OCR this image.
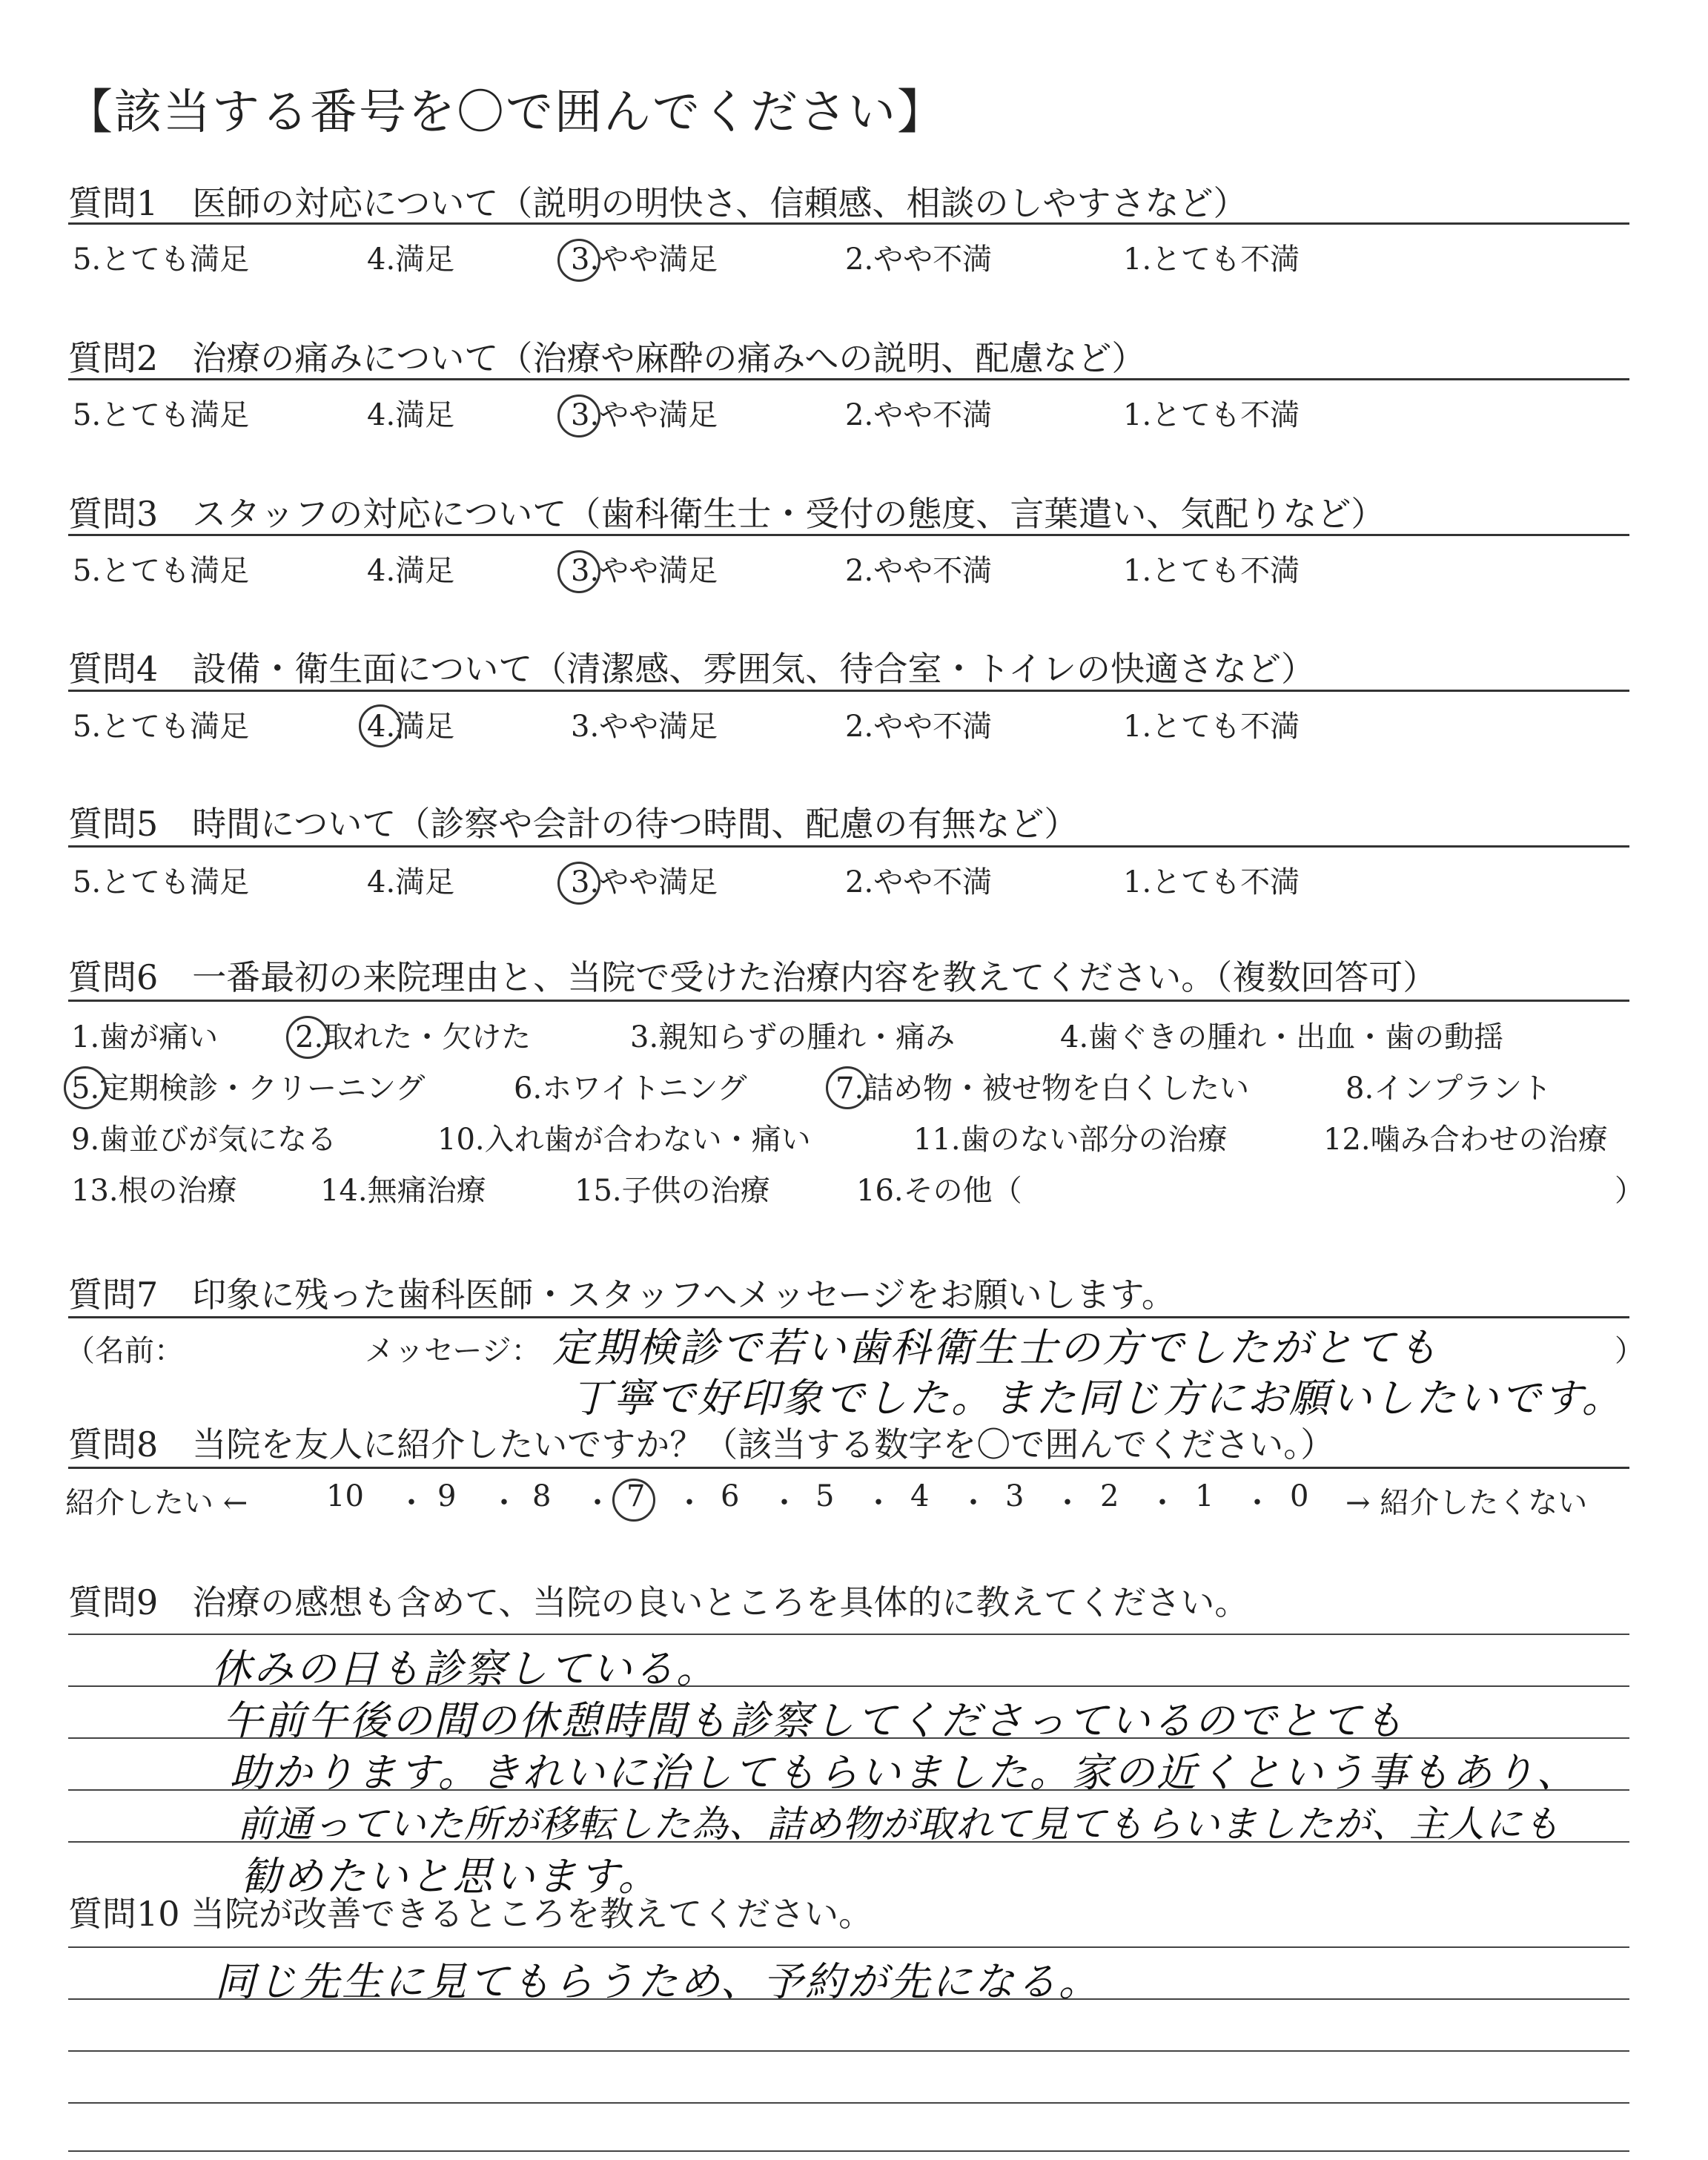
【該当する番号を〇で囲んでください】
質問1　医師の対応について（説明の明快さ、信頼感、相談のしやすさなど）
5.とても満足	4.満足	3.やや満足	2.やや不満	1.とても不満
質問2　治療の痛みについて（治療や麻酔の痛みへの説明、配慮など）
5.とても満足	4.満足	3.やや満足	2.やや不満	1.とても不満
質問3　スタッフの対応について（歯科衛生士・受付の態度、言葉遣い、気配りなど）
5.とても満足	4.満足	3.やや満足	2.やや不満	1.とても不満
質問4　設備・衛生面について（清潔感、雰囲気、待合室・トイレの快適さなど）
5.とても満足	4.満足	3.やや満足	2.やや不満	1.とても不満
質問5　時間について（診察や会計の待つ時間、配慮の有無など）
5.とても満足	4.満足	3.やや満足	2.やや不満	1.とても不満
質問6　一番最初の来院理由と、当院で受けた治療内容を教えてください。（複数回答可）
1.歯が痛い	2.取れた・欠けた	3.親知らずの腫れ・痛み	4.歯ぐきの腫れ・出血・歯の動揺
5.定期検診・クリーニング	6.ホワイトニング	7.詰め物・被せ物を白くしたい	8.インプラント
9.歯並びが気になる	10.入れ歯が合わない・痛い	11.歯のない部分の治療	12.噛み合わせの治療
13.根の治療	14.無痛治療	15.子供の治療	16.その他（	）
質問7　印象に残った歯科医師・スタッフへメッセージをお願いします。
（名前：	メッセージ：	）
定期検診で若い歯科衛生士の方でしたがとても
丁寧で好印象でした。また同じ方にお願いしたいです。
質問8　当院を友人に紹介したいですか？（該当する数字を〇で囲んでください。）
紹介したい ←	10 ・ 9 ・ 8 ・ 7 ・ 6 ・ 5 ・ 4 ・ 3 ・ 2 ・ 1 ・ 0 → 紹介したくない
質問9　治療の感想も含めて、当院の良いところを具体的に教えてください。
休みの日も診察している。
午前午後の間の休憩時間も診察してくださっているのでとても
助かります。きれいに治してもらいました。家の近くという事もあり、
前通っていた所が移転した為、詰め物が取れて見てもらいましたが、主人にも
勧めたいと思います。
質問10 当院が改善できるところを教えてください。
同じ先生に見てもらうため、予約が先になる。
